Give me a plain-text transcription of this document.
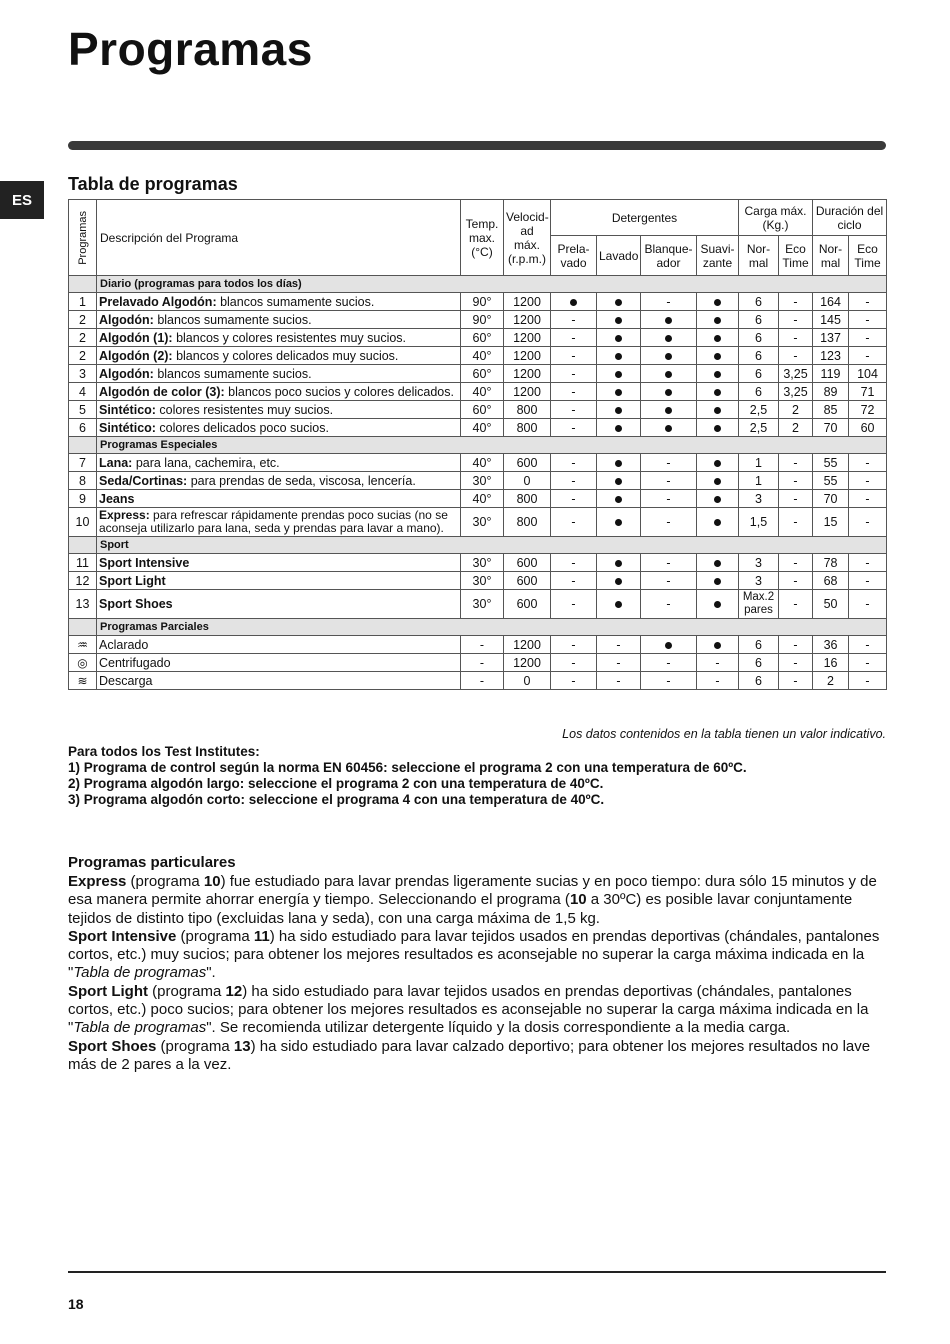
Programas
ES
Tabla de programas
Programas	Descripción del Programa	Temp. max. (°C)	Velocid- ad máx. (r.p.m.)	Detergentes				Carga máx. (Kg.)		Duración del ciclo	
				Prela- vado	Lavado	Blanque- ador	Suavi- zante	Nor- mal	Eco Time	Nor- mal	Eco Time
	Diario (programas para todos los días)										
1	Prelavado Algodón: blancos sumamente sucios.	90°	1200			-		6	-	164	-
2	Algodón: blancos sumamente sucios.	90°	1200	-				6	-	145	-
2	Algodón (1): blancos y colores resistentes muy sucios.	60°	1200	-				6	-	137	-
2	Algodón (2): blancos y colores delicados muy sucios.	40°	1200	-				6	-	123	-
3	Algodón: blancos sumamente sucios.	60°	1200	-				6	3,25	119	104
4	Algodón de color (3): blancos poco sucios y colores delicados.	40°	1200	-				6	3,25	89	71
5	Sintético: colores resistentes muy sucios.	60°	800	-				2,5	2	85	72
6	Sintético: colores delicados poco sucios.	40°	800	-				2,5	2	70	60
	Programas Especiales										
7	Lana: para lana, cachemira, etc.	40°	600	-		-		1	-	55	-
8	Seda/Cortinas: para prendas de seda, viscosa, lencería.	30°	0	-		-		1	-	55	-
9	Jeans	40°	800	-		-		3	-	70	-
10	Express: para refrescar rápidamente prendas poco sucias (no se aconseja utilizarlo para lana, seda y prendas para lavar a mano).	30°	800	-		-		1,5	-	15	-
	Sport										
11	Sport Intensive	30°	600	-		-		3	-	78	-
12	Sport Light	30°	600	-		-		3	-	68	-
13	Sport Shoes	30°	600	-		-		Max.2 pares	-	50	-
	Programas Parciales										
♒	Aclarado	-	1200	-	-			6	-	36	-
◎	Centrifugado	-	1200	-	-	-	-	6	-	16	-
≋	Descarga	-	0	-	-	-	-	6	-	2	-

Los datos contenidos en la tabla tienen un valor indicativo.

Para todos los Test Institutes:
1) Programa de control según la norma EN 60456: seleccione el programa 2 con una temperatura de 60ºC.
2) Programa algodón largo: seleccione el programa 2 con una temperatura de 40ºC.
3) Programa algodón corto: seleccione el programa 4 con una temperatura de 40ºC.
Programas particulares

Express (programa 10) fue estudiado para lavar prendas ligeramente sucias y en poco tiempo: dura sólo 15 minutos y de esa manera permite ahorrar energía y tiempo. Seleccionando el programa (10 a 30ºC) es posible lavar conjuntamente tejidos de distinto tipo (excluidas lana y seda), con una carga máxima de 1,5 kg.
Sport Intensive (programa 11) ha sido estudiado para lavar tejidos usados en prendas deportivas (chándales, pantalones cortos, etc.) muy sucios; para obtener los mejores resultados es aconsejable no superar la carga máxima indicada en la "Tabla de programas".
Sport Light (programa 12) ha sido estudiado para lavar tejidos usados en prendas deportivas (chándales, pantalones cortos, etc.) poco sucios; para obtener los mejores resultados es aconsejable no superar la carga máxima indicada en la "Tabla de programas". Se recomienda utilizar detergente líquido y la dosis correspondiente a la media carga.
Sport Shoes (programa 13) ha sido estudiado para lavar calzado deportivo; para obtener los mejores resultados no lave más de 2 pares a la vez.

18
